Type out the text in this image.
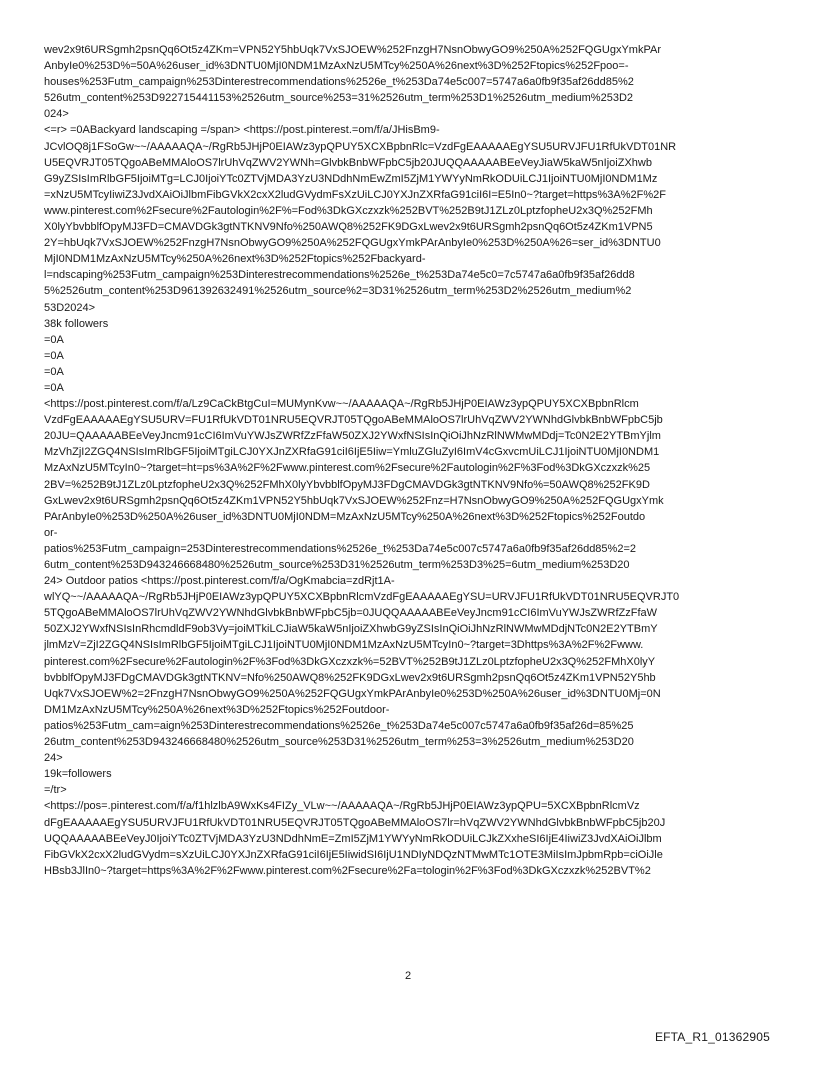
wev2x9t6URSgmh2psnQq6Ot5z4ZKm=VPN52Y5hbUqk7VxSJOEW%252FnzgH7NsnObwyGO9%250A%252FQGUgxYmkPAr
AnbyIe0%253D%=50A%26user_id%3DNTU0MjI0NDM1MzAxNzU5MTcy%250A%26next%3D%252Ftopics%252Fpoo=-
houses%253Futm_campaign%253Dinterestrecommendations%2526e_t%253Da74e5c007=5747a6a0fb9f35af26dd85%2
526utm_content%253D922715441153%2526utm_source%253=31%2526utm_term%253D1%2526utm_medium%253D2
024>
<=r> =0ABackyard landscaping =/span> <https://post.pinterest.=om/f/a/JHisBm9-
JCvlOQ8j1FSoGw~~/AAAAAQA~/RgRb5JHjP0EIAWz3ypQPUY5XCXBpbnRlc=VzdFgEAAAAAEgYSU5URVJFU1RfUkVDT01NR
U5EQVRJT05TQgoABeMMAloOS7lrUhVqZWV2YWNh=GlvbkBnbWFpbC5jb20JUQQAAAAABEeVeyJiaW5kaW5nIjoiZXhwb
G9yZSIsImRlbGF5IjoiMTg=LCJ0IjoiYTc0ZTVjMDA3YzU3NDdhNmEwZmI5ZjM1YWYyNmRkODUiLCJ1IjoiNTU0MjI0NDM1Mz
=xNzU5MTcyIiwiZ3JvdXAiOiJlbmFibGVkX2cxX2ludGVydmFsXzUiLCJ0YXJnZXRfaG91ciI6I=E5In0~?target=https%3A%2F%2F
www.pinterest.com%2Fsecure%2Fautologin%2F%=Fod%3DkGXczxzk%252BVT%252B9tJ1ZLz0LptzfopheU2x3Q%252FMh
X0lyYbvbblfOpyMJ3FD=CMAVDGk3gtNTKNV9Nfo%250AWQ8%252FK9DGxLwev2x9t6URSgmh2psnQq6Ot5z4ZKm1VPN5
2Y=hbUqk7VxSJOEW%252FnzgH7NsnObwyGO9%250A%252FQGUgxYmkPArAnbyIe0%253D%250A%26=ser_id%3DNTU0
MjI0NDM1MzAxNzU5MTcy%250A%26next%3D%252Ftopics%252Fbackyard-
l=ndscaping%253Futm_campaign%253Dinterestrecommendations%2526e_t%253Da74e5c0=7c5747a6a0fb9f35af26dd8
5%2526utm_content%253D961392632491%2526utm_source%2=3D31%2526utm_term%253D2%2526utm_medium%2
53D2024>
38k followers
=0A
=0A
=0A
=0A
<https://post.pinterest.com/f/a/Lz9CaCkBtgCuI=MUMynKvw~~/AAAAAQA~/RgRb5JHjP0EIAWz3ypQPUY5XCXBpbnRlcm
VzdFgEAAAAAEgYSU5URV=FU1RfUkVDT01NRU5EQVRJT05TQgoABeMMAloOS7lrUhVqZWV2YWNhdGlvbkBnbWFpbC5jb
20JU=QAAAAABEeVeyJncm91cCI6ImVuYWJsZWRfZzFfaW50ZXJ2YWxfNSIsInQiOiJhNzRlNWMwMDdj=Tc0N2E2YTBmYjlm
MzVhZjI2ZGQ4NSIsImRlbGF5IjoiMTgiLCJ0YXJnZXRfaG91ciI6IjE5Iiw=YmluZGluZyI6ImV4cGxvcmUiLCJ1IjoiNTU0MjI0NDM1
MzAxNzU5MTcyIn0~?target=ht=ps%3A%2F%2Fwww.pinterest.com%2Fsecure%2Fautologin%2F%3Fod%3DkGXczxzk%25
2BV=%252B9tJ1ZLz0LptzfopheU2x3Q%252FMhX0lyYbvbblfOpyMJ3FDgCMAVDGk3gtNTKNV9Nfo%=50AWQ8%252FK9D
GxLwev2x9t6URSgmh2psnQq6Ot5z4ZKm1VPN52Y5hbUqk7VxSJOEW%252Fnz=H7NsnObwyGO9%250A%252FQGUgxYmk
PArAnbyIe0%253D%250A%26user_id%3DNTU0MjI0NDM=MzAxNzU5MTcy%250A%26next%3D%252Ftopics%252Foutdo
or-
patios%253Futm_campaign=253Dinterestrecommendations%2526e_t%253Da74e5c007c5747a6a0fb9f35af26dd85%2=2
6utm_content%253D943246668480%2526utm_source%253D31%2526utm_term%253D3%25=6utm_medium%253D20
24> Outdoor patios <https://post.pinterest.com/f/a/OgKmabcia=zdRjt1A-
wlYQ~~/AAAAAQA~/RgRb5JHjP0EIAWz3ypQPUY5XCXBpbnRlcmVzdFgEAAAAAEgYSU=URVJFU1RfUkVDT01NRU5EQVRJT0
5TQgoABeMMAloOS7lrUhVqZWV2YWNhdGlvbkBnbWFpbC5jb=0JUQQAAAAABEeVeyJncm91cCI6ImVuYWJsZWRfZzFfaW
50ZXJ2YWxfNSIsInRhcmdldF9ob3Vy=joiMTkiLCJiaW5kaW5nIjoiZXhwbG9yZSIsInQiOiJhNzRlNWMwMDdjNTc0N2E2YTBmY
jlmMzV=ZjI2ZGQ4NSIsImRlbGF5IjoiMTgiLCJ1IjoiNTU0MjI0NDM1MzAxNzU5MTcyIn0~?target=3Dhttps%3A%2F%2Fwww.
pinterest.com%2Fsecure%2Fautologin%2F%3Fod%3DkGXczxzk%=52BVT%252B9tJ1ZLz0LptzfopheU2x3Q%252FMhX0lyY
bvbblfOpyMJ3FDgCMAVDGk3gtNTKNV=Nfo%250AWQ8%252FK9DGxLwev2x9t6URSgmh2psnQq6Ot5z4ZKm1VPN52Y5hb
Uqk7VxSJOEW%2=2FnzgH7NsnObwyGO9%250A%252FQGUgxYmkPArAnbyIe0%253D%250A%26user_id%3DNTU0Mj=0N
DM1MzAxNzU5MTcy%250A%26next%3D%252Ftopics%252Foutdoor-
patios%253Futm_cam=aign%253Dinterestrecommendations%2526e_t%253Da74e5c007c5747a6a0fb9f35af26d=85%25
26utm_content%253D943246668480%2526utm_source%253D31%2526utm_term%253=3%2526utm_medium%253D20
24>
19k=followers
=/tr>
<https://pos=.pinterest.com/f/a/f1hlzlbA9WxKs4FIZy_VLw~~/AAAAAQA~/RgRb5JHjP0EIAWz3ypQPU=5XCXBpbnRlcmVz
dFgEAAAAAEgYSU5URVJFU1RfUkVDT01NRU5EQVRJT05TQgoABeMMAloOS7lr=hVqZWV2YWNhdGlvbkBnbWFpbC5jb20J
UQQAAAAABEeVeyJ0IjoiYTc0ZTVjMDA3YzU3NDdhNmE=ZmI5ZjM1YWYyNmRkODUiLCJkZXxheSI6IjE4IiwiZ3JvdXAiOiJlbm
FibGVkX2cxX2ludGVydm=sXzUiLCJ0YXJnZXRfaG91ciI6IjE5IiwidSI6IjU1NDIyNDQzNTMwMTc1OTE3MiIsImJpbmRpb=ciOiJle
HBsb3JlIn0~?target=https%3A%2F%2Fwww.pinterest.com%2Fsecure%2Fa=tologin%2F%3Fod%3DkGXczxzk%252BVT%2
2
EFTA_R1_01362905
